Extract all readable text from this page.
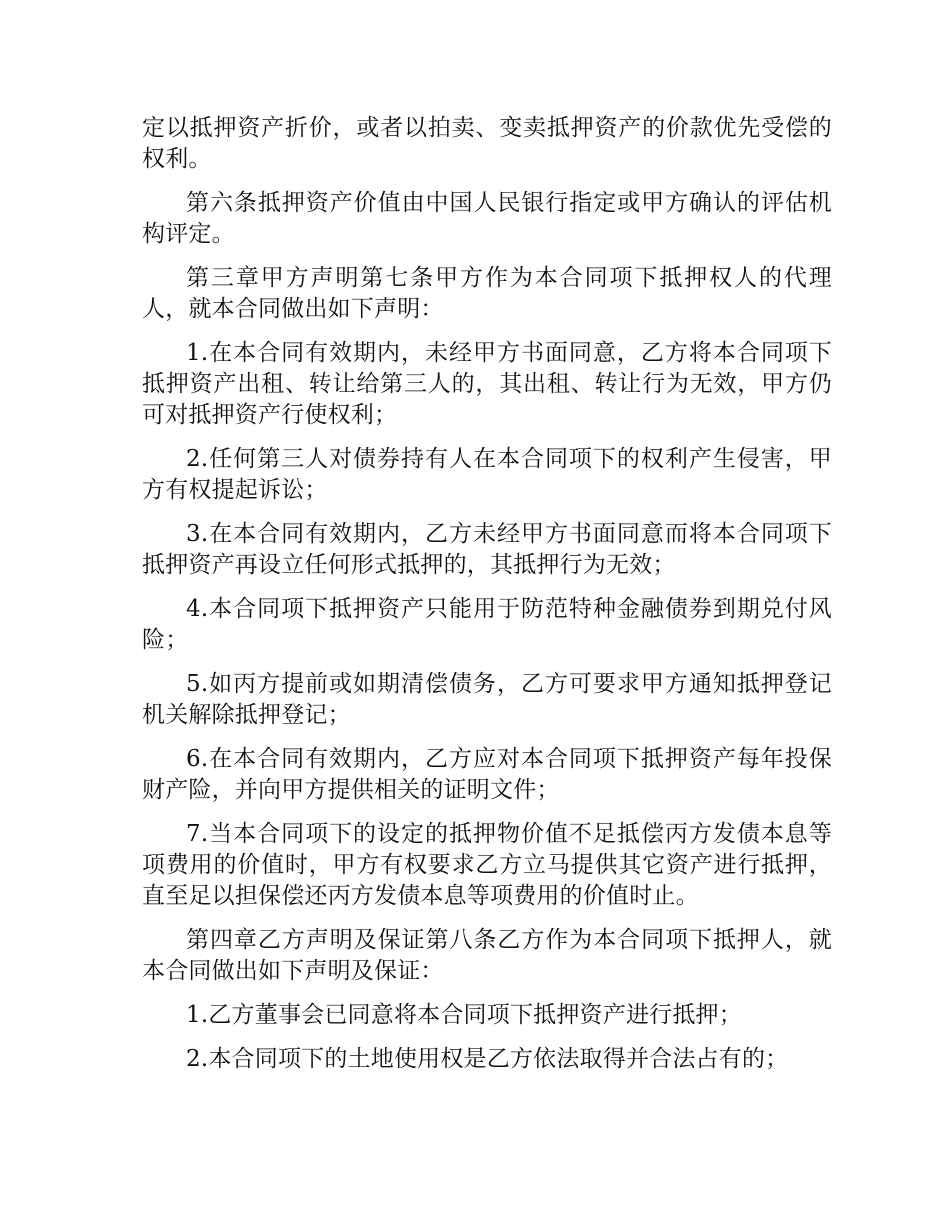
定以抵押资产折价，或者以拍卖、变卖抵押资产的价款优先受偿的权利。

第六条抵押资产价值由中国人民银行指定或甲方确认的评估机构评定。

第三章甲方声明第七条甲方作为本合同项下抵押权人的代理人，就本合同做出如下声明：

1.在本合同有效期内，未经甲方书面同意，乙方将本合同项下抵押资产出租、转让给第三人的，其出租、转让行为无效，甲方仍可对抵押资产行使权利；

2.任何第三人对债券持有人在本合同项下的权利产生侵害，甲方有权提起诉讼；

3.在本合同有效期内，乙方未经甲方书面同意而将本合同项下抵押资产再设立任何形式抵押的，其抵押行为无效；

4.本合同项下抵押资产只能用于防范特种金融债券到期兑付风险；

5.如丙方提前或如期清偿债务，乙方可要求甲方通知抵押登记机关解除抵押登记；

6.在本合同有效期内，乙方应对本合同项下抵押资产每年投保财产险，并向甲方提供相关的证明文件；

7.当本合同项下的设定的抵押物价值不足抵偿丙方发债本息等项费用的价值时，甲方有权要求乙方立马提供其它资产进行抵押，直至足以担保偿还丙方发债本息等项费用的价值时止。

第四章乙方声明及保证第八条乙方作为本合同项下抵押人，就本合同做出如下声明及保证：

1.乙方董事会已同意将本合同项下抵押资产进行抵押；

2.本合同项下的土地使用权是乙方依法取得并合法占有的；
